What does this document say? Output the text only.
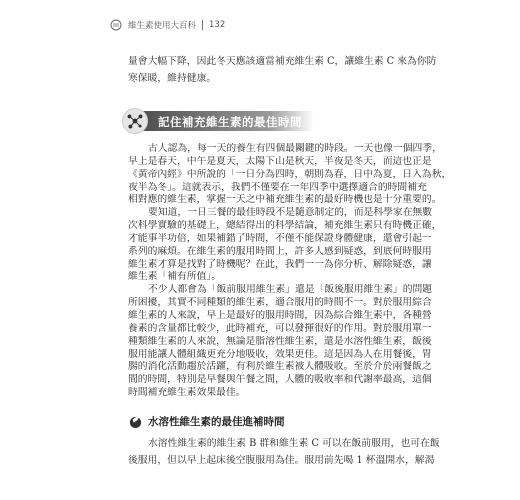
維生素使用大百科 132
量會大幅下降，因此冬天應該適當補充維生素 C，讓維生素 C 來為你防
寒保暖，維持健康。
記住補充維生素的最佳時間
古人認為，每一天的養生有四個最關鍵的時段。一天也像一個四季，
早上是春天，中午是夏天，太陽下山是秋天，半夜是冬天，而這也正是
《黃帝內經》中所說的「一日分為四時，朝則為春，日中為夏，日入為秋，
夜半為冬」。這就表示，我們不僅要在一年四季中選擇適合的時間補充
相對應的維生素，掌握一天之中補充維生素的最好時機也是十分重要的。
要知道，一日三餐的最佳時段不是隨意制定的，而是科學家在無數
次科學實驗的基礎上，總結得出的科學結論，補充維生素只有時機正確，
才能事半功倍，如果補錯了時間，不僅不能保證身體健康，還會引起一
系列的麻煩。在維生素的服用時間上，許多人感到疑惑，到底何時服用
維生素才算是找對了時機呢？在此，我們一一為你分析、解除疑惑，讓
維生素「補有所值」。
不少人都會為「飯前服用維生素」還是「飯後服用維生素」的問題
所困擾，其實不同種類的維生素，適合服用的時間不一。對於服用綜合
維生素的人來說，早上是最好的服用時間，因為綜合維生素中，各種營
養素的含量都比較少，此時補充，可以發揮很好的作用。對於服用單一
種類維生素的人來說，無論是脂溶性維生素，還是水溶性維生素，飯後
服用能讓人體組織更充分地吸收，效果更佳。這是因為人在用餐後，胃
腸的消化活動趨於活躍，有利於維生素被人體吸收。至於介於兩餐飯之
間的時間，特別是早餐與午餐之間，人體的吸收率和代謝率最高，這個
時間補充維生素效果最佳。
水溶性維生素的最佳進補時間
水溶性維生素的維生素 B 群和維生素 C 可以在飯前服用，也可在飯
後服用，但以早上起床後空腹服用為佳。服用前先喝 1 杯溫開水，解渴
